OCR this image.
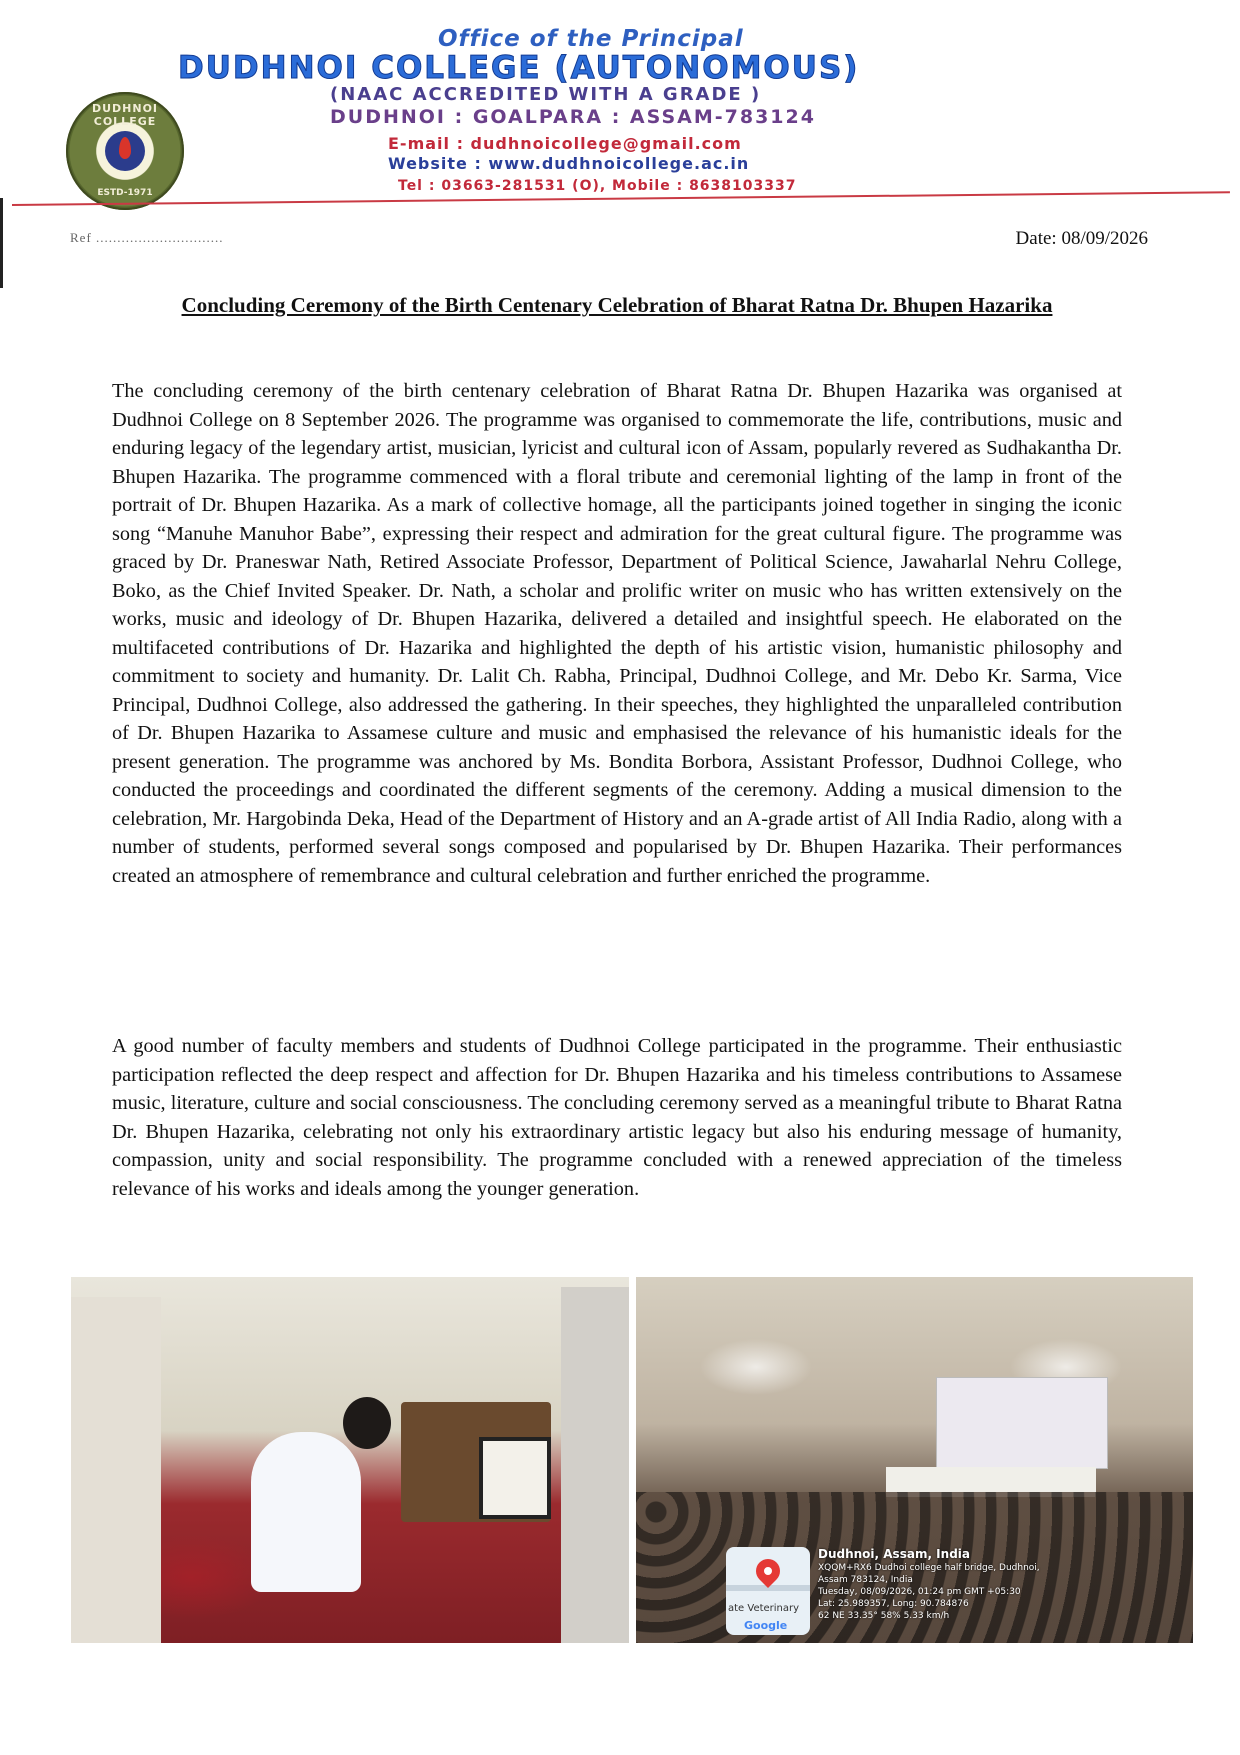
DUDHNOI COLLEGE
ESTD-1971
Office of the Principal
DUDHNOI COLLEGE (AUTONOMOUS)
(NAAC ACCREDITED WITH A GRADE )
DUDHNOI : GOALPARA : ASSAM-783124
E-mail : dudhnoicollege@gmail.com
Website : www.dudhnoicollege.ac.in
Tel : 03663-281531 (O), Mobile : 8638103337
Ref ..............................	Date: 08/09/2026
Concluding Ceremony of the Birth Centenary Celebration of Bharat Ratna Dr. Bhupen Hazarika

The concluding ceremony of the birth centenary celebration of Bharat Ratna Dr. Bhupen Hazarika was organised at Dudhnoi College on 8 September 2026. The programme was organised to commemorate the life, contributions, music and enduring legacy of the legendary artist, musician, lyricist and cultural icon of Assam, popularly revered as Sudhakantha Dr. Bhupen Hazarika. The programme commenced with a floral tribute and ceremonial lighting of the lamp in front of the portrait of Dr. Bhupen Hazarika. As a mark of collective homage, all the participants joined together in singing the iconic song “Manuhe Manuhor Babe”, expressing their respect and admiration for the great cultural figure. The programme was graced by Dr. Praneswar Nath, Retired Associate Professor, Department of Political Science, Jawaharlal Nehru College, Boko, as the Chief Invited Speaker. Dr. Nath, a scholar and prolific writer on music who has written extensively on the works, music and ideology of Dr. Bhupen Hazarika, delivered a detailed and insightful speech. He elaborated on the multifaceted contributions of Dr. Hazarika and highlighted the depth of his artistic vision, humanistic philosophy and commitment to society and humanity. Dr. Lalit Ch. Rabha, Principal, Dudhnoi College, and Mr. Debo Kr. Sarma, Vice Principal, Dudhnoi College, also addressed the gathering. In their speeches, they highlighted the unparalleled contribution of Dr. Bhupen Hazarika to Assamese culture and music and emphasised the relevance of his humanistic ideals for the present generation. The programme was anchored by Ms. Bondita Borbora, Assistant Professor, Dudhnoi College, who conducted the proceedings and coordinated the different segments of the ceremony. Adding a musical dimension to the celebration, Mr. Hargobinda Deka, Head of the Department of History and an A-grade artist of All India Radio, along with a number of students, performed several songs composed and popularised by Dr. Bhupen Hazarika. Their performances created an atmosphere of remembrance and cultural celebration and further enriched the programme.

A good number of faculty members and students of Dudhnoi College participated in the programme. Their enthusiastic participation reflected the deep respect and affection for Dr. Bhupen Hazarika and his timeless contributions to Assamese music, literature, culture and social consciousness. The concluding ceremony served as a meaningful tribute to Bharat Ratna Dr. Bhupen Hazarika, celebrating not only his extraordinary artistic legacy but also his enduring message of humanity, compassion, unity and social responsibility. The programme concluded with a renewed appreciation of the timeless relevance of his works and ideals among the younger generation.

ate Veterinary
Google
Dudhnoi, Assam, India
XQQM+RX6 Dudhoi college half bridge, Dudhnoi,
Assam 783124, India
Tuesday, 08/09/2026, 01:24 pm GMT +05:30
Lat: 25.989357, Long: 90.784876
62 NE 33.35° 58% 5.33 km/h
